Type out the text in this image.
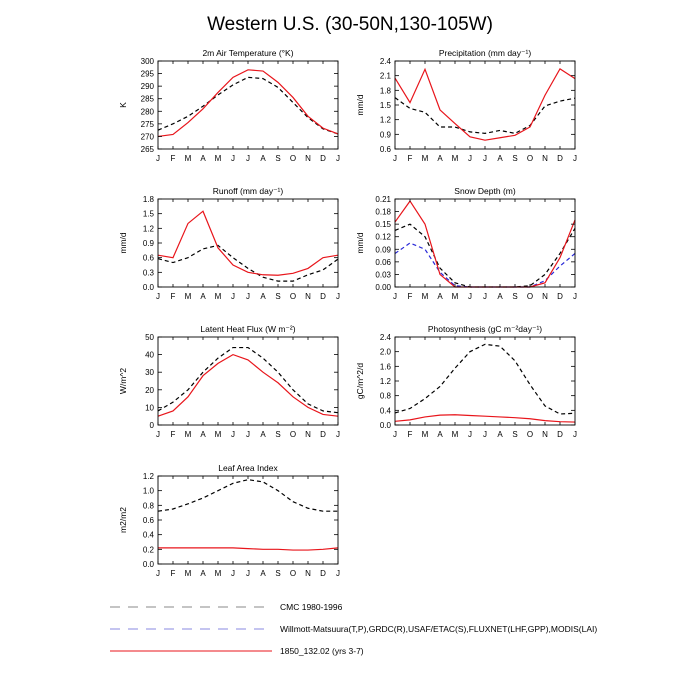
Western U.S. (30-50N,130-105W)
J F M A M J J A S O N D J
265
270
275
280
285
290
295
300
2m Air Temperature (°K)
K
J F M A M J J A S O N D J
0.6
0.9
1.2
1.5
1.8
2.1
2.4
Precipitation (mm day⁻¹)
mm/d
J F M A M J J A S O N D J
0.0
0.3
0.6
0.9
1.2
1.5
1.8
Runoff (mm day⁻¹)
mm/d
J F M A M J J A S O N D J
0.00
0.03
0.06
0.09
0.12
0.15
0.18
0.21
Snow Depth (m)
mm/d
J F M A M J J A S O N D J
0
10
20
30
40
50
Latent Heat Flux (W m⁻²)
W/m^2
J F M A M J J A S O N D J
0.0
0.4
0.8
1.2
1.6
2.0
2.4
Photosynthesis (gC m⁻²day⁻¹)
gC/m^2/d
J F M A M J J A S O N D J
0.0
0.2
0.4
0.6
0.8
1.0
1.2
Leaf Area Index
m2/m2
CMC 1980-1996
Willmott-Matsuura(T,P),GRDC(R),USAF/ETAC(S),FLUXNET(LHF,GPP),MODIS(LAI)
1850_132.02 (yrs 3-7)
